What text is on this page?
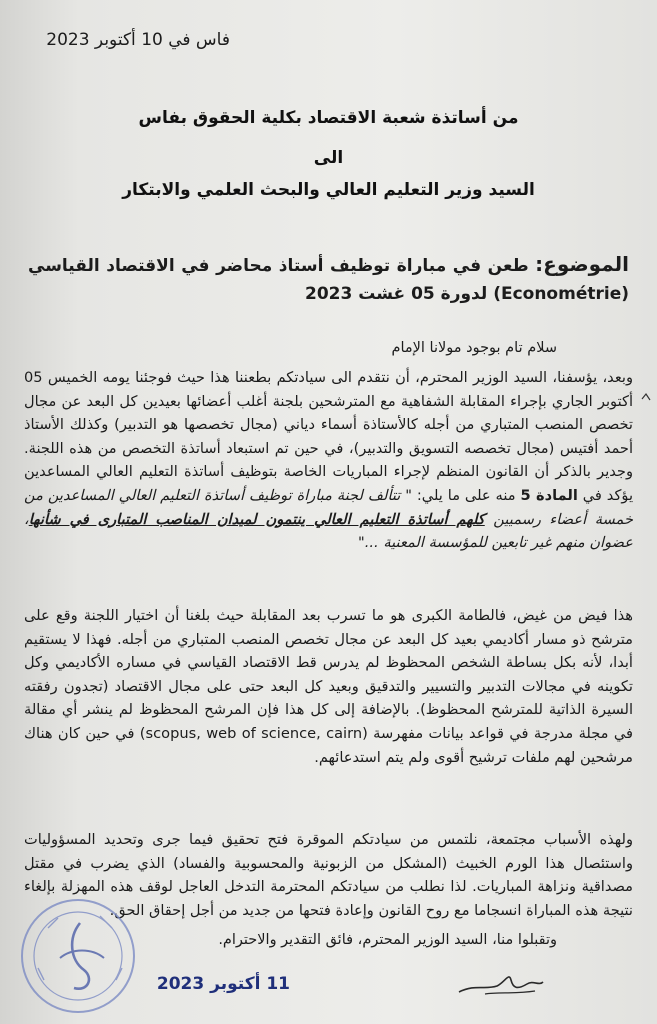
فاس في 10 أكتوبر 2023
من أساتذة شعبة الاقتصاد بكلية الحقوق بفاس
الى
السيد وزير التعليم العالي والبحث العلمي والابتكار
الموضوع: طعن في مباراة توظيف أستاذ محاضر في الاقتصاد القياسي (Econométrie) لدورة 05 غشت 2023
سلام تام بوجود مولانا الإمام
وبعد، يؤسفنا، السيد الوزير المحترم، أن نتقدم الى سيادتكم بطعننا هذا حيث فوجئنا يومه الخميس 05 أكتوبر الجاري بإجراء المقابلة الشفاهية مع المترشحين بلجنة أغلب أعضائها بعيدين كل البعد عن مجال تخصص المنصب المتباري من أجله كالأستاذة أسماء دياني (مجال تخصصها هو التدبير) وكذلك الأستاذ أحمد أفتيس (مجال تخصصه التسويق والتدبير)، في حين تم استبعاد أساتذة التخصص من هذه اللجنة. وجدير بالذكر أن القانون المنظم لإجراء المباريات الخاصة بتوظيف أساتذة التعليم العالي المساعدين يؤكد في المادة 5 منه على ما يلي: " تتألف لجنة مباراة توظيف أساتذة التعليم العالي المساعدين من خمسة أعضاء رسميين كلهم أساتذة التعليم العالي ينتمون لميدان المناصب المتبارى في شأنها، عضوان منهم غير تابعين للمؤسسة المعنية ..."
هذا فيض من غيض، فالطامة الكبرى هو ما تسرب بعد المقابلة حيث بلغنا أن اختيار اللجنة وقع على مترشح ذو مسار أكاديمي بعيد كل البعد عن مجال تخصص المنصب المتباري من أجله. فهذا لا يستقيم أبدا، لأنه بكل بساطة الشخص المحظوظ لم يدرس قط الاقتصاد القياسي في مساره الأكاديمي وكل تكوينه في مجالات التدبير والتسيير والتدقيق وبعيد كل البعد حتى على مجال الاقتصاد (تجدون رفقته السيرة الذاتية للمترشح المحظوظ). بالإضافة إلى كل هذا فإن المرشح المحظوظ لم ينشر أي مقالة في مجلة مدرجة في قواعد بيانات مفهرسة (scopus, web of science, cairn) في حين كان هناك مرشحين لهم ملفات ترشيح أقوى ولم يتم استدعائهم.
ولهذه الأسباب مجتمعة، نلتمس من سيادتكم الموقرة فتح تحقيق فيما جرى وتحديد المسؤوليات واستئصال هذا الورم الخبيث (المشكل من الزبونية والمحسوبية والفساد) الذي يضرب في مقتل مصداقية ونزاهة المباريات. لذا نطلب من سيادتكم المحترمة التدخل العاجل لوقف هذه المهزلة بإلغاء نتيجة هذه المباراة انسجاما مع روح القانون وإعادة فتحها من جديد من أجل إحقاق الحق.
وتقبلوا منا، السيد الوزير المحترم، فائق التقدير والاحترام.
11 أكتوبر 2023
